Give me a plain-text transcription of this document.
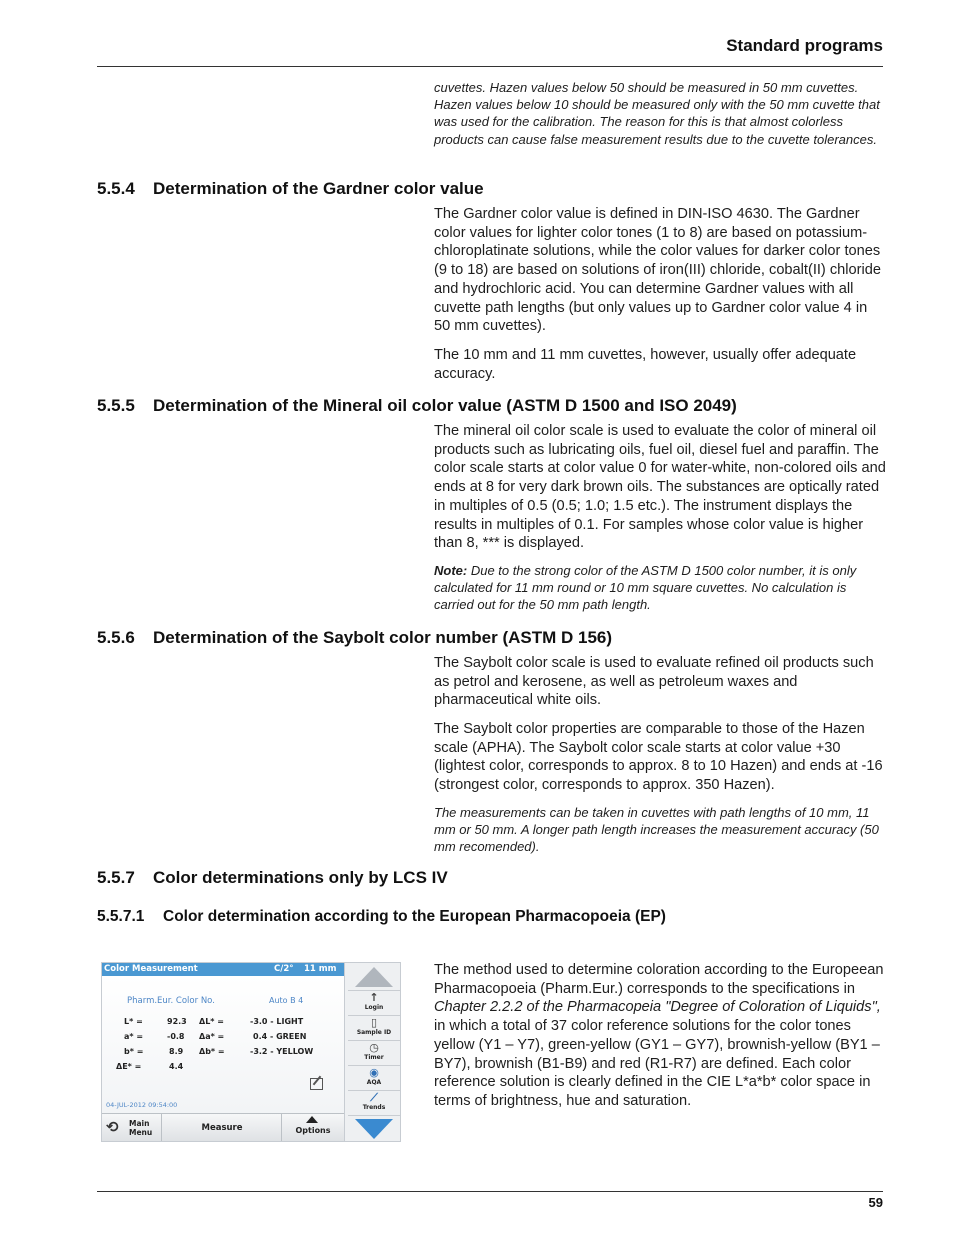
Standard programs
cuvettes. Hazen values below 50 should be measured in 50 mm cuvettes. Hazen values below 10 should be measured only with the 50 mm cuvette that was used for the calibration. The reason for this is that almost colorless products can cause false measurement results due to the cuvette tolerances.
5.5.4 Determination of the Gardner color value
The Gardner color value is defined in DIN-ISO 4630. The Gardner color values for lighter color tones (1 to 8) are based on potassium-chloroplatinate solutions, while the color values for darker color tones (9 to 18) are based on solutions of iron(III) chloride, cobalt(II) chloride and hydrochloric acid. You can determine Gardner values with all cuvette path lengths (but only values up to Gardner color value 4 in 50 mm cuvettes).
The 10 mm and 11 mm cuvettes, however, usually offer adequate accuracy.
5.5.5 Determination of the Mineral oil color value (ASTM D 1500 and ISO 2049)
The mineral oil color scale is used to evaluate the color of mineral oil products such as lubricating oils, fuel oil, diesel fuel and paraffin. The color scale starts at color value 0 for water-white, non-colored oils and ends at 8 for very dark brown oils. The substances are optically rated in multiples of 0.5 (0.5; 1.0; 1.5 etc.). The instrument displays the results in multiples of 0.1. For samples whose color value is higher than 8, *** is displayed.
Note: Due to the strong color of the ASTM D 1500 color number, it is only calculated for 11 mm round or 10 mm square cuvettes. No calculation is carried out for the 50 mm path length.
5.5.6 Determination of the Saybolt color number (ASTM D 156)
The Saybolt color scale is used to evaluate refined oil products such as petrol and kerosene, as well as petroleum waxes and pharmaceutical white oils.
The Saybolt color properties are comparable to those of the Hazen scale (APHA). The Saybolt color scale starts at color value +30 (lightest color, corresponds to approx. 8 to 10 Hazen) and ends at -16 (strongest color, corresponds to approx. 350 Hazen).
The measurements can be taken in cuvettes with path lengths of 10 mm, 11 mm or 50 mm. A longer path length increases the measurement accuracy (50 mm recomended).
5.5.7 Color determinations only by LCS IV
5.5.7.1 Color determination according to the European Pharmacopoeia (EP)
The method used to determine coloration according to the Europeean Pharmacopoeia (Pharm.Eur.) corresponds to the specifications in Chapter 2.2.2 of the Pharmacopeia "Degree of Coloration of Liquids", in which a total of 37 color reference solutions for the color tones yellow (Y1 – Y7), green-yellow (GY1 – GY7), brownish-yellow (BY1 – BY7), brownish (B1-B9) and red (R1-R7) are defined. Each color reference solution is clearly defined in the CIE L*a*b* color space in terms of brightness, hue and saturation.
Color Measurement	C/2° 11 mm
Pharm.Eur. Color No.	Auto B 4
L* =	92.3 ΔL* =	-3.0 - LIGHT
a* =	-0.8 Δa* =	0.4 - GREEN
b* =	8.9 Δb* =	-3.2 - YELLOW
ΔE* =	4.4
04-JUL-2012 09:54:00
⟲ Main
Menu	Measure	Options
↑
Login
▯
Sample ID
◷
Timer
◉
AQA
⟋
Trends
59
